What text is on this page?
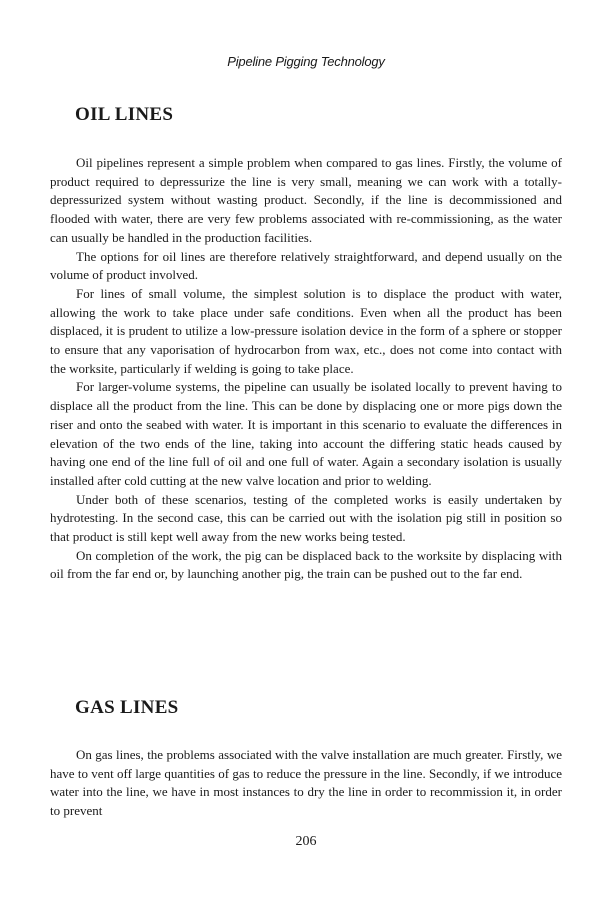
Pipeline Pigging Technology
OIL LINES

Oil pipelines represent a simple problem when compared to gas lines. Firstly, the volume of product required to depressurize the line is very small, meaning we can work with a totally-depressurized system without wasting product. Secondly, if the line is decommissioned and flooded with water, there are very few problems associated with re-commissioning, as the water can usually be handled in the production facilities.

The options for oil lines are therefore relatively straightforward, and depend usually on the volume of product involved.

For lines of small volume, the simplest solution is to displace the product with water, allowing the work to take place under safe conditions. Even when all the product has been displaced, it is prudent to utilize a low-pressure isolation device in the form of a sphere or stopper to ensure that any vaporisation of hydrocarbon from wax, etc., does not come into contact with the worksite, particularly if welding is going to take place.

For larger-volume systems, the pipeline can usually be isolated locally to prevent having to displace all the product from the line. This can be done by displacing one or more pigs down the riser and onto the seabed with water. It is important in this scenario to evaluate the differences in elevation of the two ends of the line, taking into account the differing static heads caused by having one end of the line full of oil and one full of water. Again a secondary isolation is usually installed after cold cutting at the new valve location and prior to welding.

Under both of these scenarios, testing of the completed works is easily undertaken by hydrotesting. In the second case, this can be carried out with the isolation pig still in position so that product is still kept well away from the new works being tested.

On completion of the work, the pig can be displaced back to the worksite by displacing with oil from the far end or, by launching another pig, the train can be pushed out to the far end.

GAS LINES

On gas lines, the problems associated with the valve installation are much greater. Firstly, we have to vent off large quantities of gas to reduce the pressure in the line. Secondly, if we introduce water into the line, we have in most instances to dry the line in order to recommission it, in order to prevent

206
